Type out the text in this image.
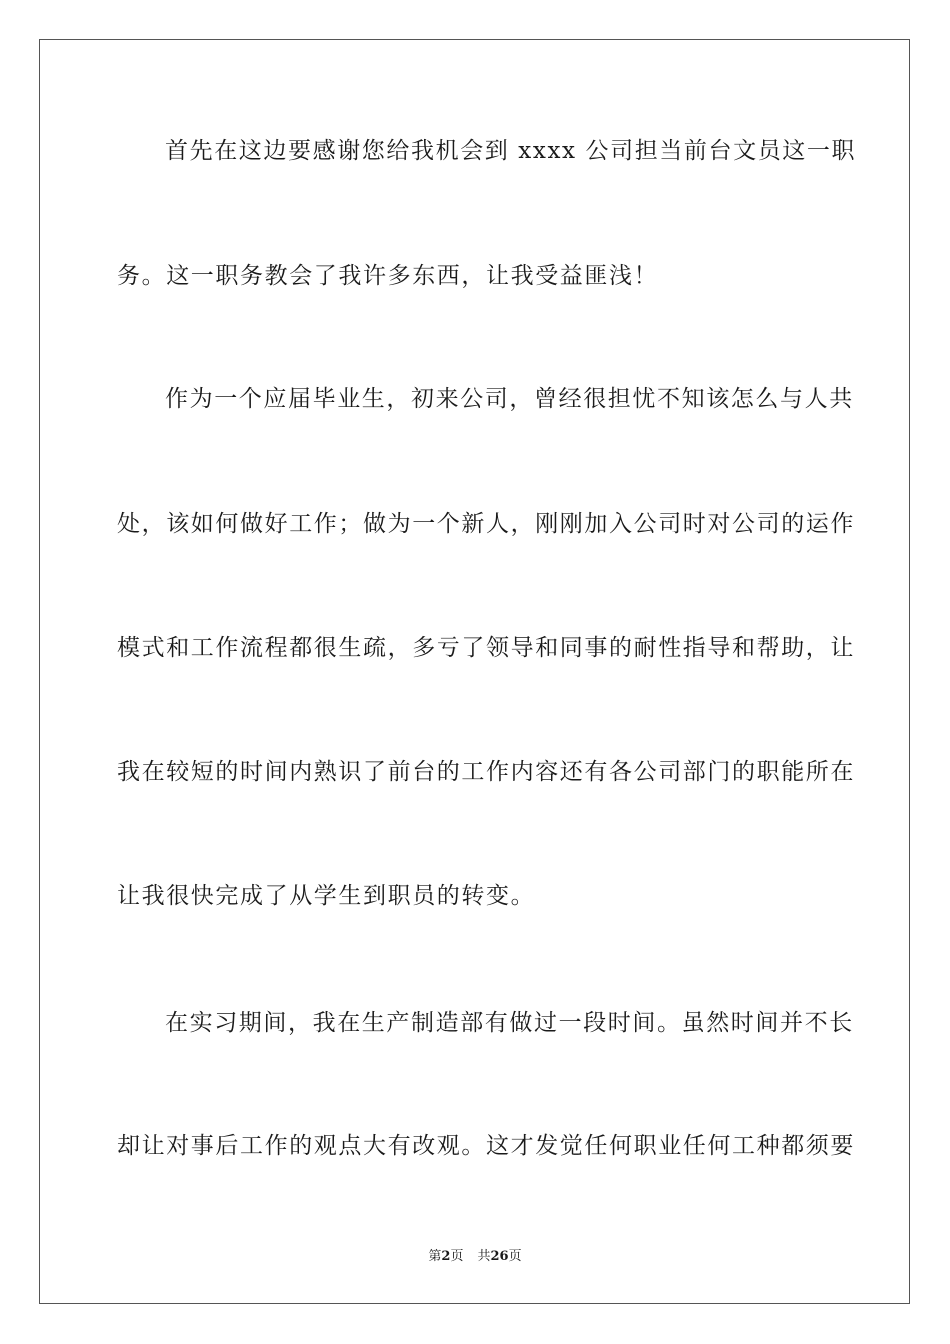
首先在这边要感谢您给我机会到 xxxx 公司担当前台文员这一职
务。这一职务教会了我许多东西，让我受益匪浅！
作为一个应届毕业生，初来公司，曾经很担忧不知该怎么与人共
处，该如何做好工作；做为一个新人，刚刚加入公司时对公司的运作
模式和工作流程都很生疏，多亏了领导和同事的耐性指导和帮助，让
我在较短的时间内熟识了前台的工作内容还有各公司部门的职能所在
让我很快完成了从学生到职员的转变。
在实习期间，我在生产制造部有做过一段时间。虽然时间并不长
却让对事后工作的观点大有改观。这才发觉任何职业任何工种都须要
第2页 共26页
